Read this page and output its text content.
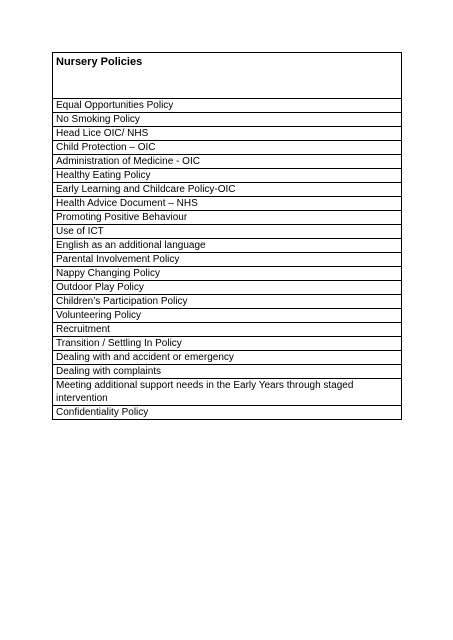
Nursery Policies
Equal Opportunities Policy
No Smoking Policy
Head Lice OIC/ NHS
Child Protection – OIC
Administration of Medicine - OIC
Healthy Eating Policy
Early Learning and Childcare Policy-OIC
Health Advice Document – NHS
Promoting Positive Behaviour
Use of ICT
English as an additional language
Parental Involvement Policy
Nappy Changing Policy
Outdoor Play Policy
Children’s Participation Policy
Volunteering Policy
Recruitment
Transition / Settling In Policy
Dealing with and accident or emergency
Dealing with complaints
Meeting additional support needs in the Early Years through staged intervention
Confidentiality Policy
